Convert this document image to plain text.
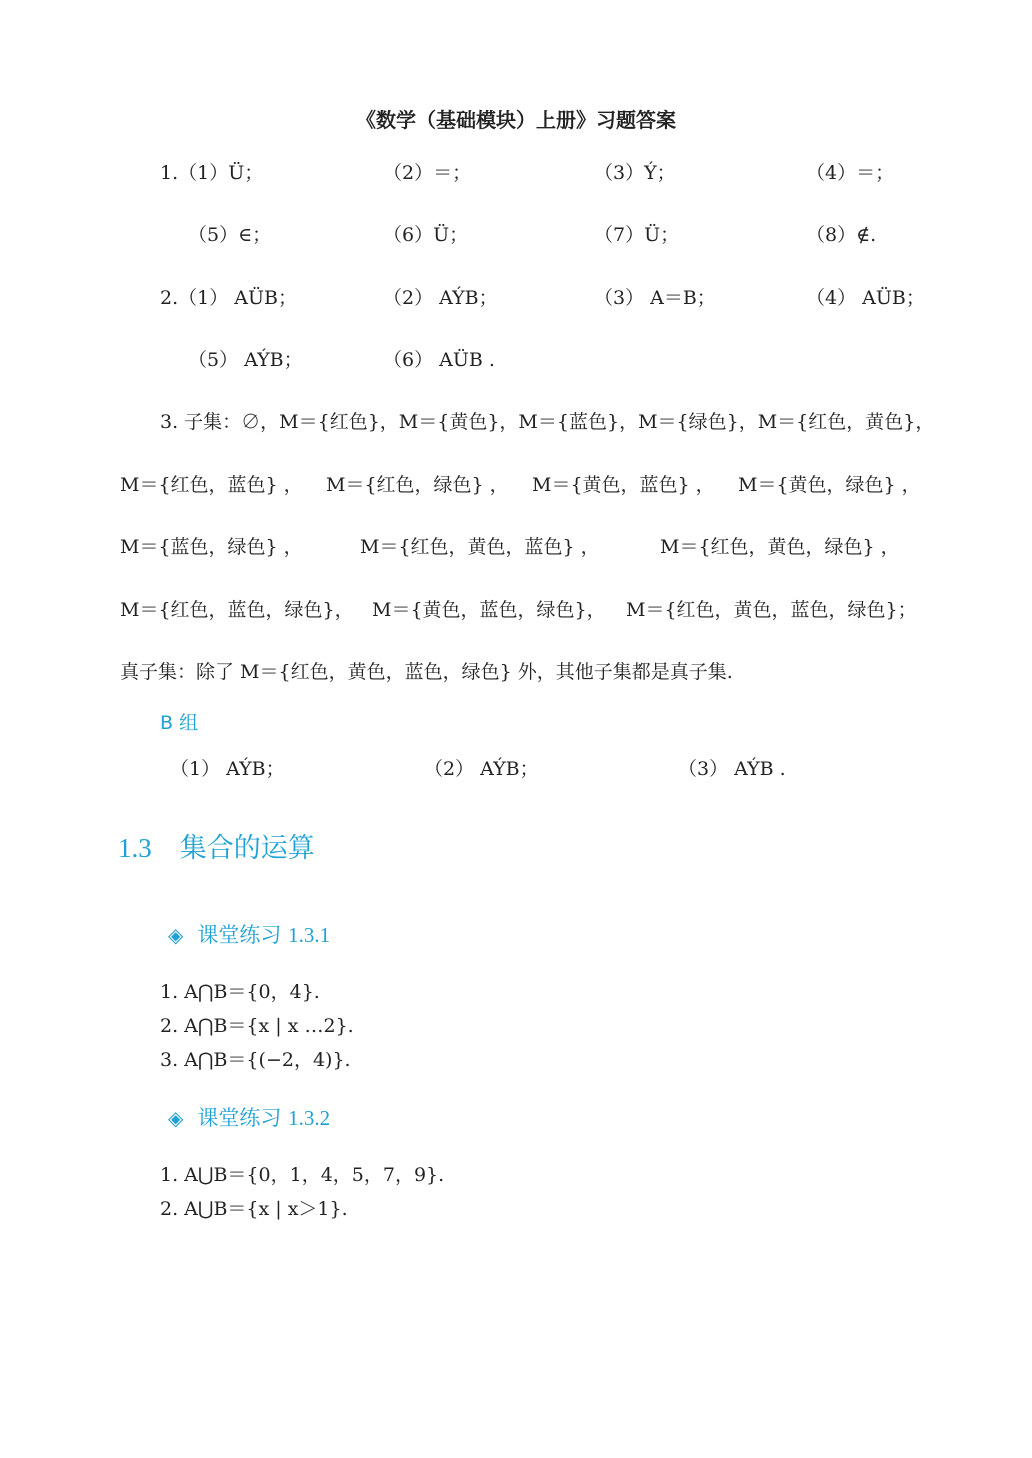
《数学（基础模块）上册》习题答案
1.（1）Ü；	（2）＝；	（3）Ý；	（4）＝；
（5）∈；	（6）Ü；	（7）Ü；	（8）∉.
2.（1） AÜB；	（2） AÝB；	（3） A＝B；	（4） AÜB；
（5） AÝB；	（6） AÜB .
3. 子集：∅，M＝{红色}，M＝{黄色}，M＝{蓝色}，M＝{绿色}，M＝{红色，黄色}，
M＝{红色，蓝色} ， M＝{红色，绿色} ， M＝{黄色，蓝色} ， M＝{黄色，绿色} ，
M＝{蓝色，绿色} ，	M＝{红色，黄色，蓝色} ，	M＝{红色，黄色，绿色} ，
M＝{红色，蓝色，绿色}， M＝{黄色，蓝色，绿色}， M＝{红色，黄色，蓝色，绿色}；
真子集：除了 M＝{红色，黄色，蓝色，绿色} 外，其他子集都是真子集.
B 组
（1） AÝB；	（2） AÝB；	（3） AÝB .
1.3 集合的运算
◈ 课堂练习 1.3.1
1. A⋂B＝{0，4}.
2. A⋂B＝{x | x …2}.
3. A⋂B＝{(−2，4)}.
◈ 课堂练习 1.3.2
1. A⋃B＝{0，1，4，5，7，9}.
2. A⋃B＝{x | x＞1}.
